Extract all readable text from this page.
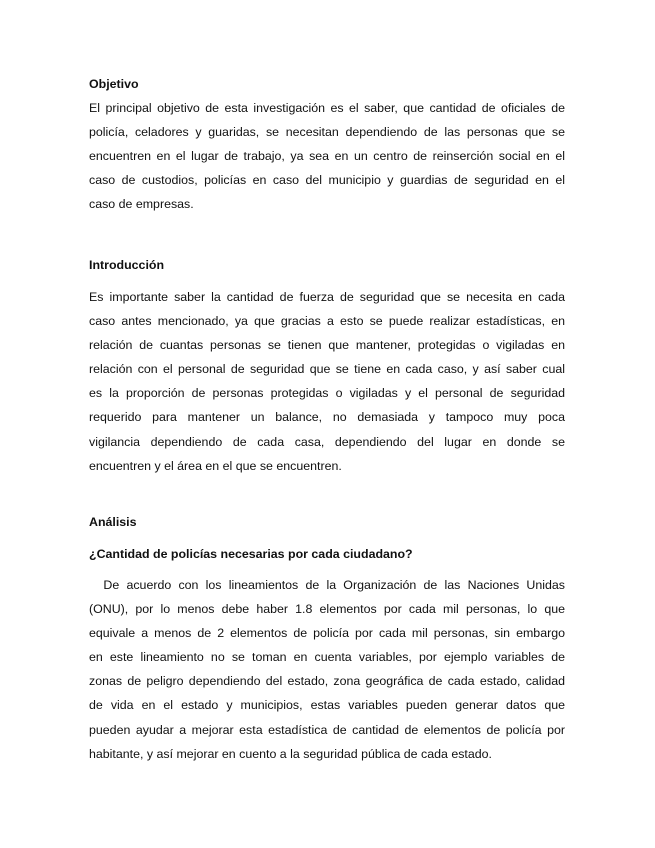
Objetivo
El principal objetivo de esta investigación es el saber, que cantidad de oficiales de
policía, celadores y guaridas, se necesitan dependiendo de las personas que se
encuentren en el lugar de trabajo, ya sea en un centro de reinserción social en el
caso de custodios, policías en caso del municipio y guardias de seguridad en el
caso de empresas.
Introducción
Es importante saber la cantidad de fuerza de seguridad que se necesita en cada
caso antes mencionado, ya que gracias a esto se puede realizar estadísticas, en
relación de cuantas personas se tienen que mantener, protegidas o vigiladas en
relación con el personal de seguridad que se tiene en cada caso, y así saber cual
es la proporción de personas protegidas o vigiladas y el personal de seguridad
requerido para mantener un balance, no demasiada y tampoco muy poca
vigilancia dependiendo de cada casa, dependiendo del lugar en donde se
encuentren y el área en el que se encuentren.
Análisis
¿Cantidad de policías necesarias por cada ciudadano?
De acuerdo con los lineamientos de la Organización de las Naciones Unidas
(ONU), por lo menos debe haber 1.8 elementos por cada mil personas, lo que
equivale a menos de 2 elementos de policía por cada mil personas, sin embargo
en este lineamiento no se toman en cuenta variables, por ejemplo variables de
zonas de peligro dependiendo del estado, zona geográfica de cada estado, calidad
de vida en el estado y municipios, estas variables pueden generar datos que
pueden ayudar a mejorar esta estadística de cantidad de elementos de policía por
habitante, y así mejorar en cuento a la seguridad pública de cada estado.
